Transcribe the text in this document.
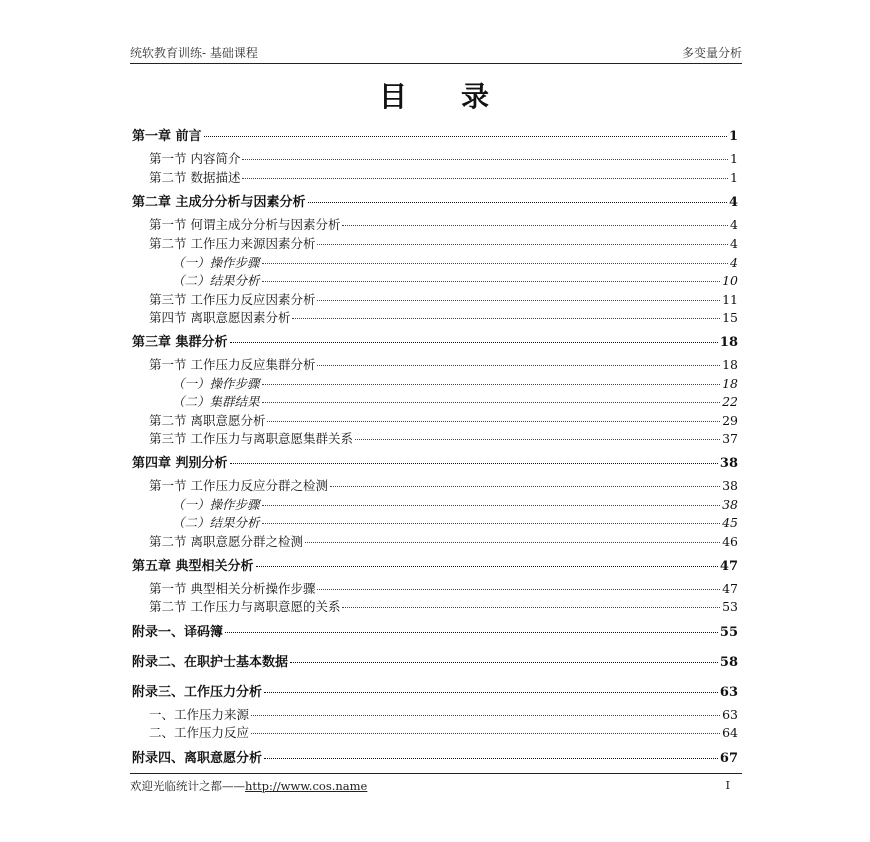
统软教育训练- 基础课程	多变量分析
目 录
第一章 前言	1
第一节 内容简介	1
第二节 数据描述	1
第二章 主成分分析与因素分析	4
第一节 何谓主成分分析与因素分析	4
第二节 工作压力来源因素分析	4
（一）操作步骤	4
（二）结果分析	10
第三节 工作压力反应因素分析	11
第四节 离职意愿因素分析	15
第三章 集群分析	18
第一节 工作压力反应集群分析	18
（一）操作步骤	18
（二）集群结果	22
第二节 离职意愿分析	29
第三节 工作压力与离职意愿集群关系	37
第四章 判别分析	38
第一节 工作压力反应分群之检测	38
（一）操作步骤	38
（二）结果分析	45
第二节 离职意愿分群之检测	46
第五章 典型相关分析	47
第一节 典型相关分析操作步骤	47
第二节 工作压力与离职意愿的关系	53
附录一、译码簿	55
附录二、在职护士基本数据	58
附录三、工作压力分析	63
一、工作压力来源	63
二、工作压力反应	64
附录四、离职意愿分析	67
欢迎光临统计之都——http://www.cos.name	I
